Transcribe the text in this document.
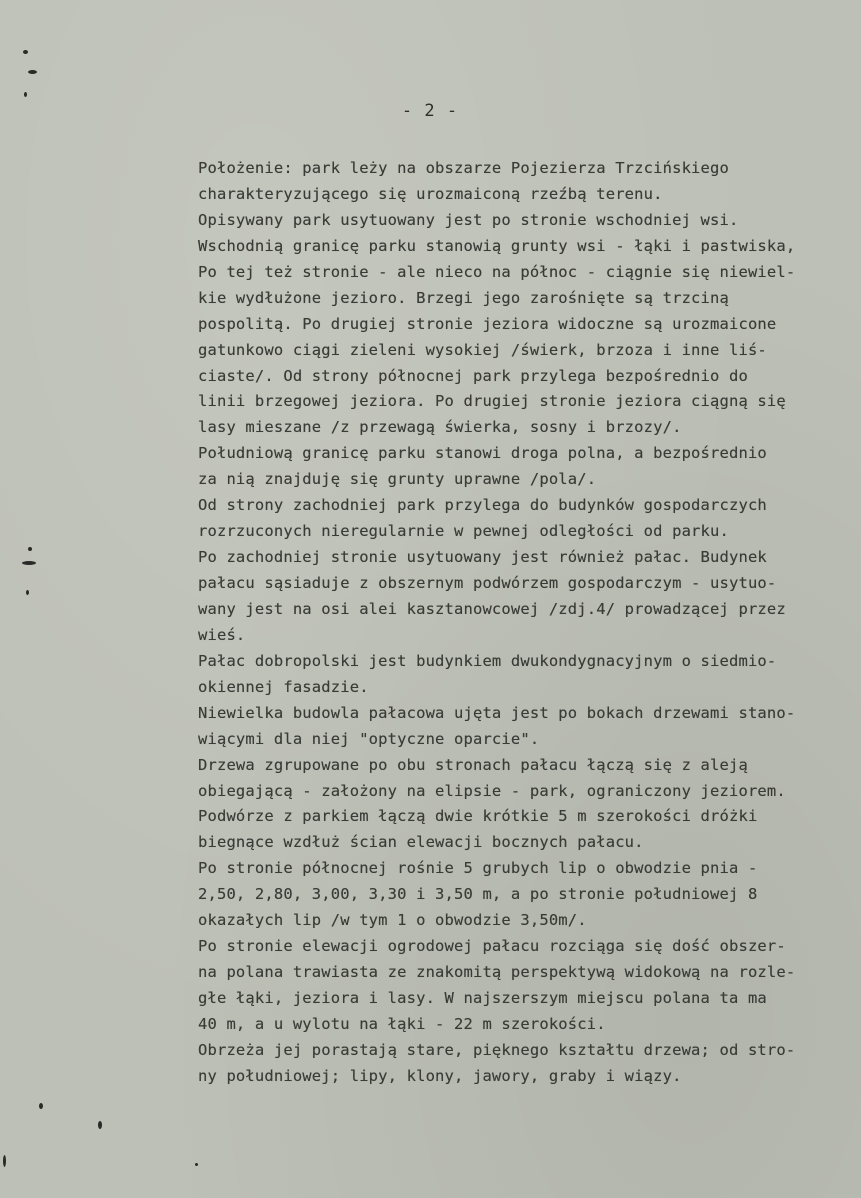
- 2 -
Położenie: park leży na obszarze Pojezierza Trzcińskiego
charakteryzującego się urozmaiconą rzeźbą terenu.
Opisywany park usytuowany jest po stronie wschodniej wsi.
Wschodnią granicę parku stanowią grunty wsi - łąki i pastwiska,
Po tej też stronie - ale nieco na północ - ciągnie się niewiel-
kie wydłużone jezioro. Brzegi jego zarośnięte są trzciną
pospolitą. Po drugiej stronie jeziora widoczne są urozmaicone
gatunkowo ciągi zieleni wysokiej /świerk, brzoza i inne liś-
ciaste/. Od strony północnej park przylega bezpośrednio do
linii brzegowej jeziora. Po drugiej stronie jeziora ciągną się
lasy mieszane /z przewagą świerka, sosny i brzozy/.
Południową granicę parku stanowi droga polna, a bezpośrednio
za nią znajduję się grunty uprawne /pola/.
Od strony zachodniej park przylega do budynków gospodarczych
rozrzuconych nieregularnie w pewnej odległości od parku.
Po zachodniej stronie usytuowany jest również pałac. Budynek
pałacu sąsiaduje z obszernym podwórzem gospodarczym - usytuo-
wany jest na osi alei kasztanowcowej /zdj.4/ prowadzącej przez
wieś.
Pałac dobropolski jest budynkiem dwukondygnacyjnym o siedmio-
okiennej fasadzie.
Niewielka budowla pałacowa ujęta jest po bokach drzewami stano-
wiącymi dla niej "optyczne oparcie".
Drzewa zgrupowane po obu stronach pałacu łączą się z aleją
obiegającą - założony na elipsie - park, ograniczony jeziorem.
Podwórze z parkiem łączą dwie krótkie 5 m szerokości dróżki
biegnące wzdłuż ścian elewacji bocznych pałacu.
Po stronie północnej rośnie 5 grubych lip o obwodzie pnia -
2,50, 2,80, 3,00, 3,30 i 3,50 m, a po stronie południowej 8
okazałych lip /w tym 1 o obwodzie 3,50m/.
Po stronie elewacji ogrodowej pałacu rozciąga się dość obszer-
na polana trawiasta ze znakomitą perspektywą widokową na rozle-
głe łąki, jeziora i lasy. W najszerszym miejscu polana ta ma
40 m, a u wylotu na łąki - 22 m szerokości.
Obrzeża jej porastają stare, pięknego kształtu drzewa; od stro-
ny południowej; lipy, klony, jawory, graby i wiązy.
